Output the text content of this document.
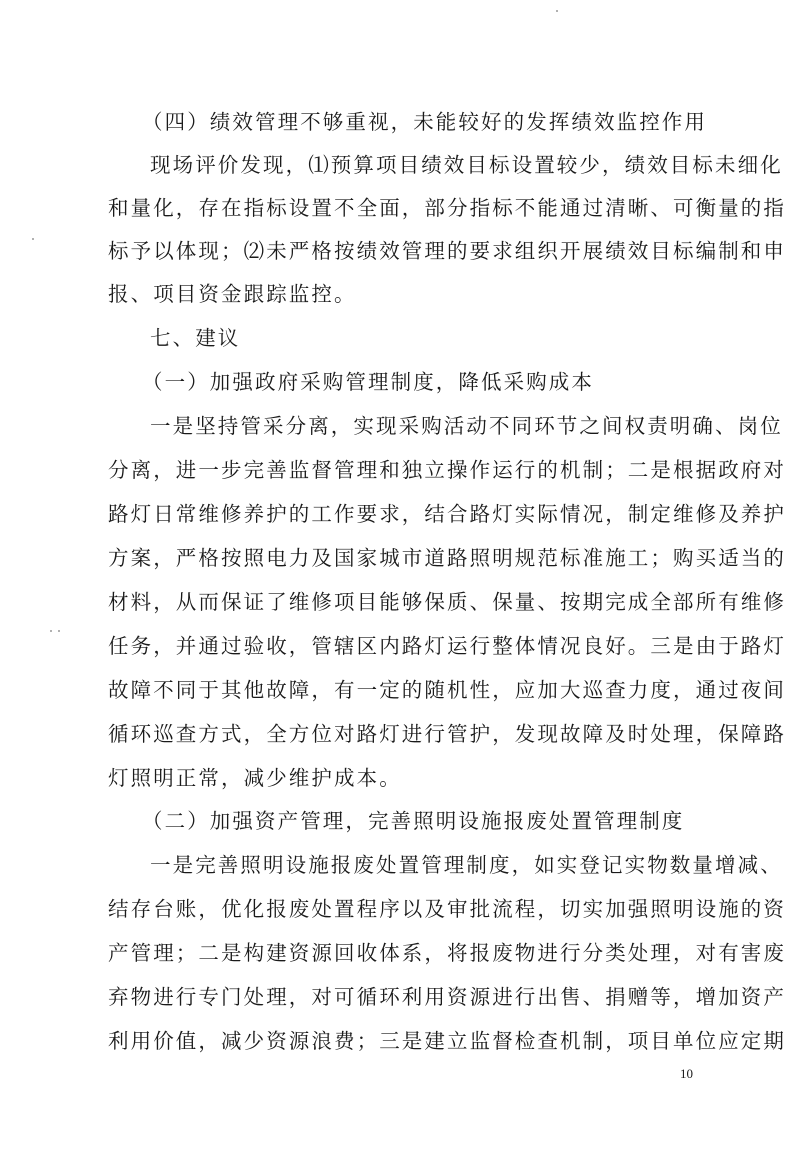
（四）绩效管理不够重视，未能较好的发挥绩效监控作用
现场评价发现，⑴预算项目绩效目标设置较少，绩效目标未细化
和量化，存在指标设置不全面，部分指标不能通过清晰、可衡量的指
标予以体现；⑵未严格按绩效管理的要求组织开展绩效目标编制和申
报、项目资金跟踪监控。
七、建议
（一）加强政府采购管理制度，降低采购成本
一是坚持管采分离，实现采购活动不同环节之间权责明确、岗位
分离，进一步完善监督管理和独立操作运行的机制；二是根据政府对
路灯日常维修养护的工作要求，结合路灯实际情况，制定维修及养护
方案，严格按照电力及国家城市道路照明规范标准施工；购买适当的
材料，从而保证了维修项目能够保质、保量、按期完成全部所有维修
任务，并通过验收，管辖区内路灯运行整体情况良好。三是由于路灯
故障不同于其他故障，有一定的随机性，应加大巡查力度，通过夜间
循环巡查方式，全方位对路灯进行管护，发现故障及时处理，保障路
灯照明正常，减少维护成本。
（二）加强资产管理，完善照明设施报废处置管理制度
一是完善照明设施报废处置管理制度，如实登记实物数量增减、
结存台账，优化报废处置程序以及审批流程，切实加强照明设施的资
产管理；二是构建资源回收体系，将报废物进行分类处理，对有害废
弃物进行专门处理，对可循环利用资源进行出售、捐赠等，增加资产
利用价值，减少资源浪费；三是建立监督检查机制，项目单位应定期
10
